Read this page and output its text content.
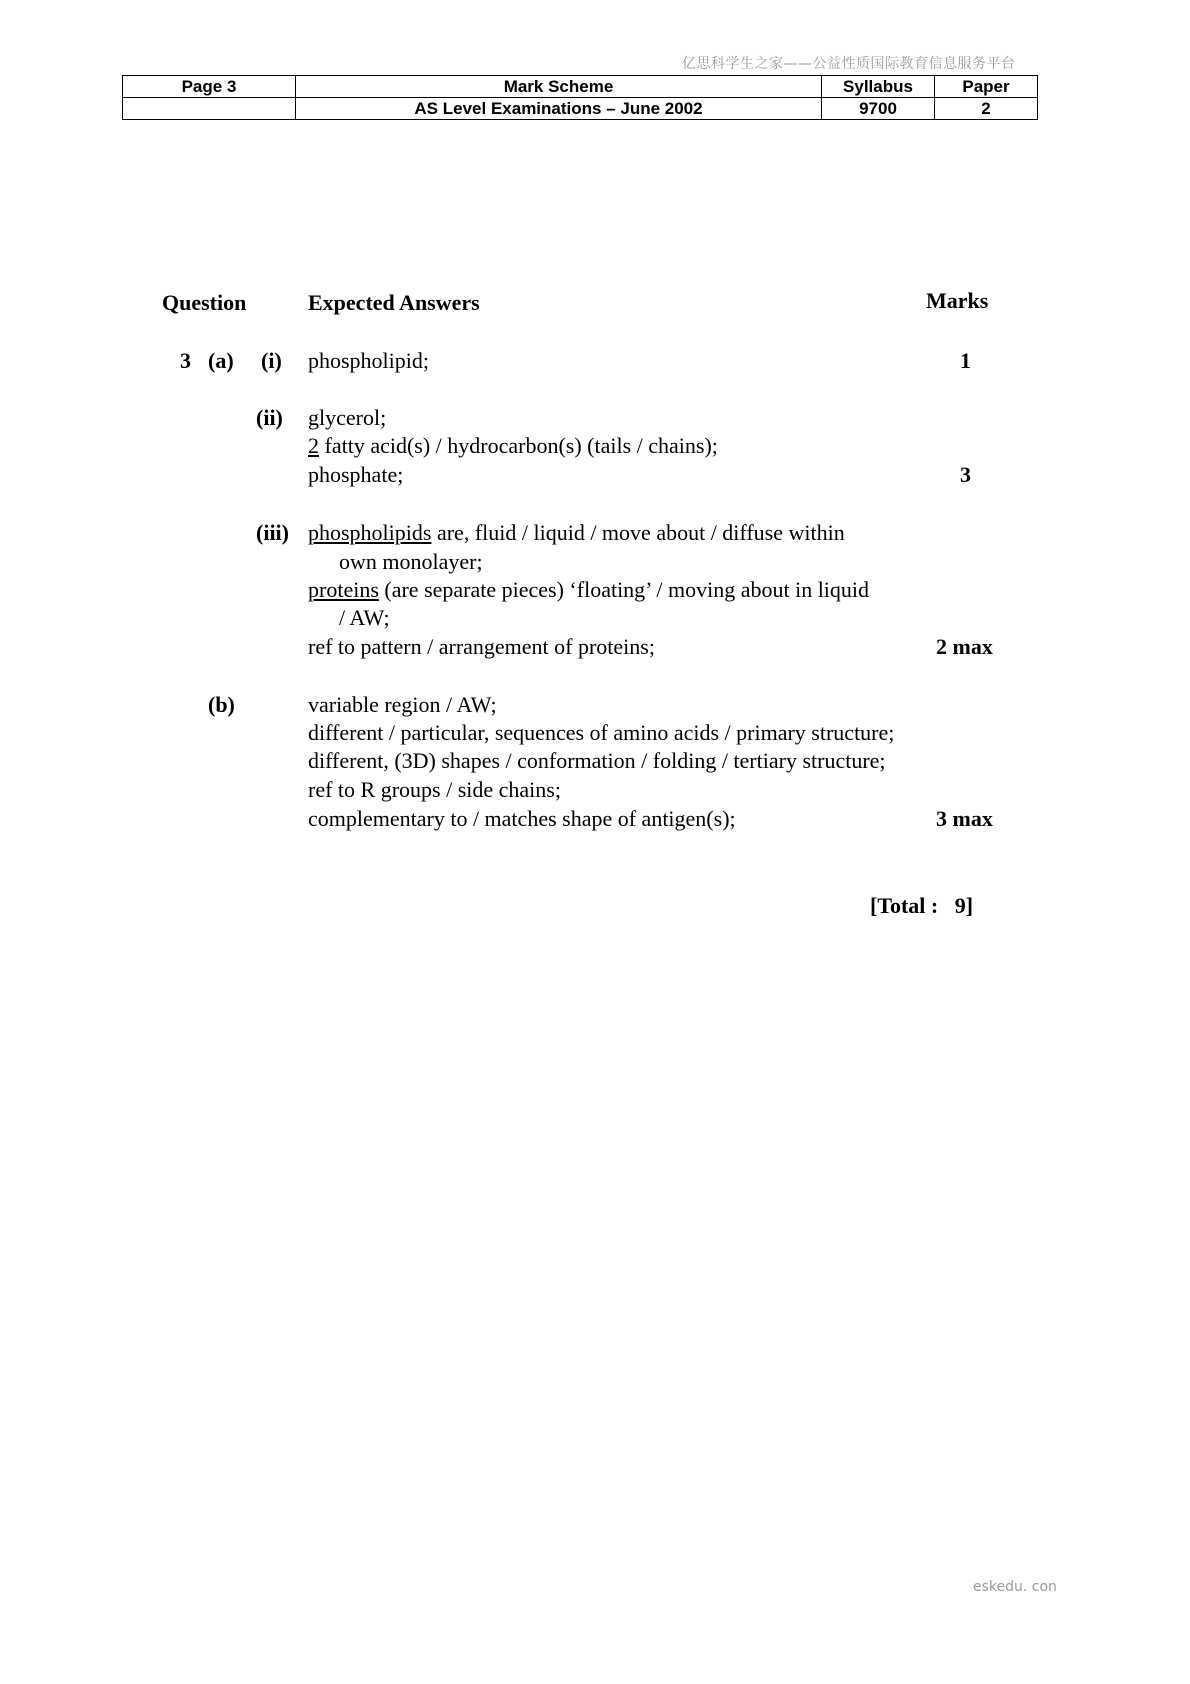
亿思科学生之家——公益性质国际教育信息服务平台
Page 3	Mark Scheme	Syllabus	Paper
	AS Level Examinations – June 2002	9700	2
Question	Expected Answers	Marks
3 (a) (i) phospholipid;	1
(ii) glycerol;
2 fatty acid(s) / hydrocarbon(s) (tails / chains);
phosphate;	3
(iii) phospholipids are, fluid / liquid / move about / diffuse within
own monolayer;
proteins (are separate pieces) ‘floating’ / moving about in liquid
/ AW;
ref to pattern / arrangement of proteins;	2 max
(b)	variable region / AW;
different / particular, sequences of amino acids / primary structure;
different, (3D) shapes / conformation / folding / tertiary structure;
ref to R groups / side chains;
complementary to / matches shape of antigen(s);	3 max
[Total :   9]
eskedu. con
